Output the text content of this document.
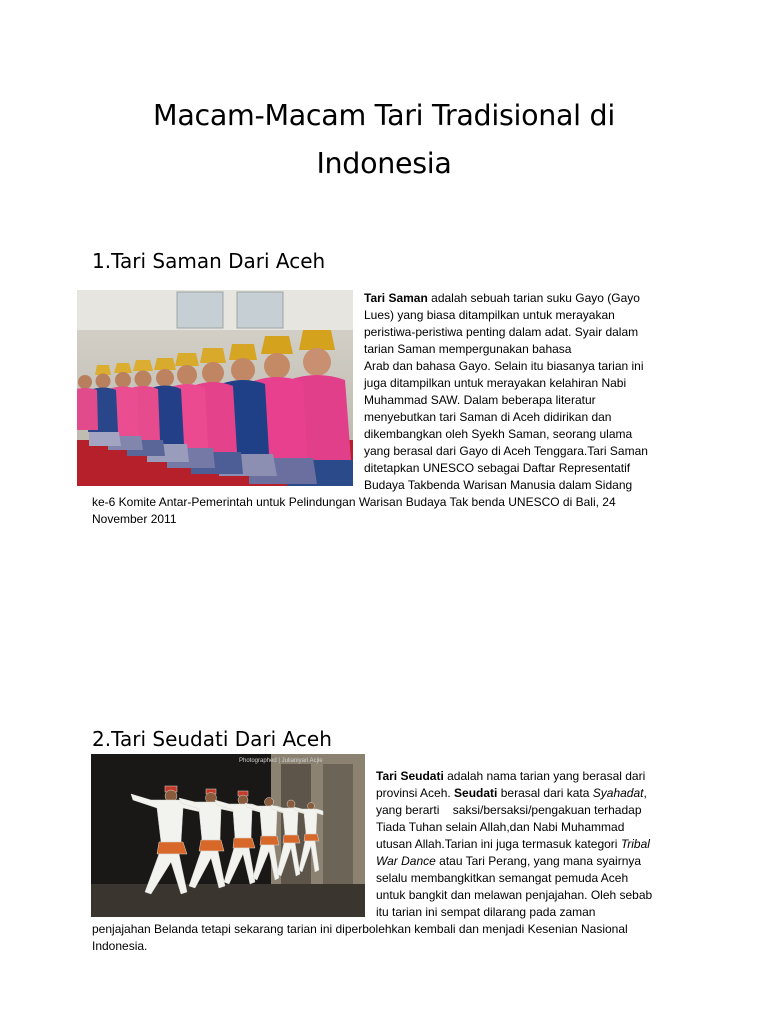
Macam-Macam Tari Tradisional di
Indonesia
1.Tari Saman Dari Aceh
Tari Saman adalah sebuah tarian suku Gayo (Gayo
Lues) yang biasa ditampilkan untuk merayakan
peristiwa-peristiwa penting dalam adat. Syair dalam
tarian Saman mempergunakan bahasa
Arab dan bahasa Gayo. Selain itu biasanya tarian ini
juga ditampilkan untuk merayakan kelahiran Nabi
Muhammad SAW. Dalam beberapa literatur
menyebutkan tari Saman di Aceh didirikan dan
dikembangkan oleh Syekh Saman, seorang ulama
yang berasal dari Gayo di Aceh Tenggara.Tari Saman
ditetapkan UNESCO sebagai Daftar Representatif
Budaya Takbenda Warisan Manusia dalam Sidang
ke-6 Komite Antar-Pemerintah untuk Pelindungan Warisan Budaya Tak benda UNESCO di Bali, 24
November 2011
2.Tari Seudati Dari Aceh
Photographed | Julianiyari Acjle
Tari Seudati adalah nama tarian yang berasal dari
provinsi Aceh. Seudati berasal dari kata Syahadat,
yang berarti    saksi/bersaksi/pengakuan terhadap
Tiada Tuhan selain Allah,dan Nabi Muhammad
utusan Allah.Tarian ini juga termasuk kategori Tribal
War Dance atau Tari Perang, yang mana syairnya
selalu membangkitkan semangat pemuda Aceh
untuk bangkit dan melawan penjajahan. Oleh sebab
itu tarian ini sempat dilarang pada zaman
penjajahan Belanda tetapi sekarang tarian ini diperbolehkan kembali dan menjadi Kesenian Nasional
Indonesia.
